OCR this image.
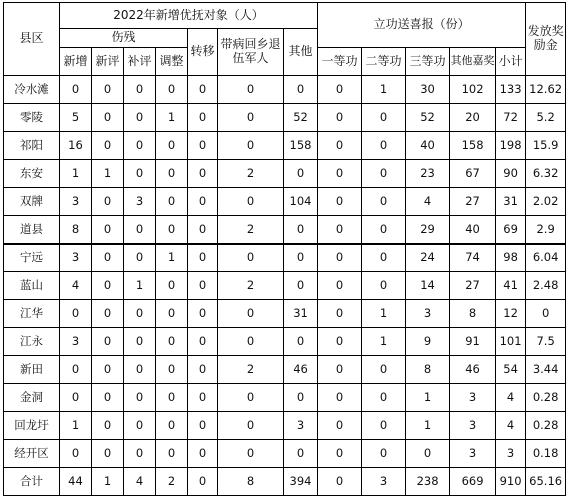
县区	2022年新增优抚对象（人）							立功送喜报（份）					发放奖励金
	伤残				转移	带病回乡退伍军人	其他						
	新增	新评	补评	调整				一等功	二等功	三等功	其他嘉奖	小计	
冷水滩	0	0	0	0	0	0	0	0	1	30	102	133	12.62
零陵	5	0	0	1	0	0	52	0	0	52	20	72	5.2
祁阳	16	0	0	0	0	0	158	0	0	40	158	198	15.9
东安	1	1	0	0	0	2	0	0	0	23	67	90	6.32
双牌	3	0	3	0	0	0	104	0	0	4	27	31	2.02
道县	8	0	0	0	0	2	0	0	0	29	40	69	2.9
宁远	3	0	0	1	0	0	0	0	0	24	74	98	6.04
蓝山	4	0	1	0	0	2	0	0	0	14	27	41	2.48
江华	0	0	0	0	0	0	31	0	1	3	8	12	0
江永	3	0	0	0	0	0	0	0	1	9	91	101	7.5
新田	0	0	0	0	0	2	46	0	0	8	46	54	3.44
金洞	0	0	0	0	0	0	0	0	0	1	3	4	0.28
回龙圩	1	0	0	0	0	0	3	0	0	1	3	4	0.28
经开区	0	0	0	0	0	0	0	0	0	0	3	3	0.18
合计	44	1	4	2	0	8	394	0	3	238	669	910	65.16
